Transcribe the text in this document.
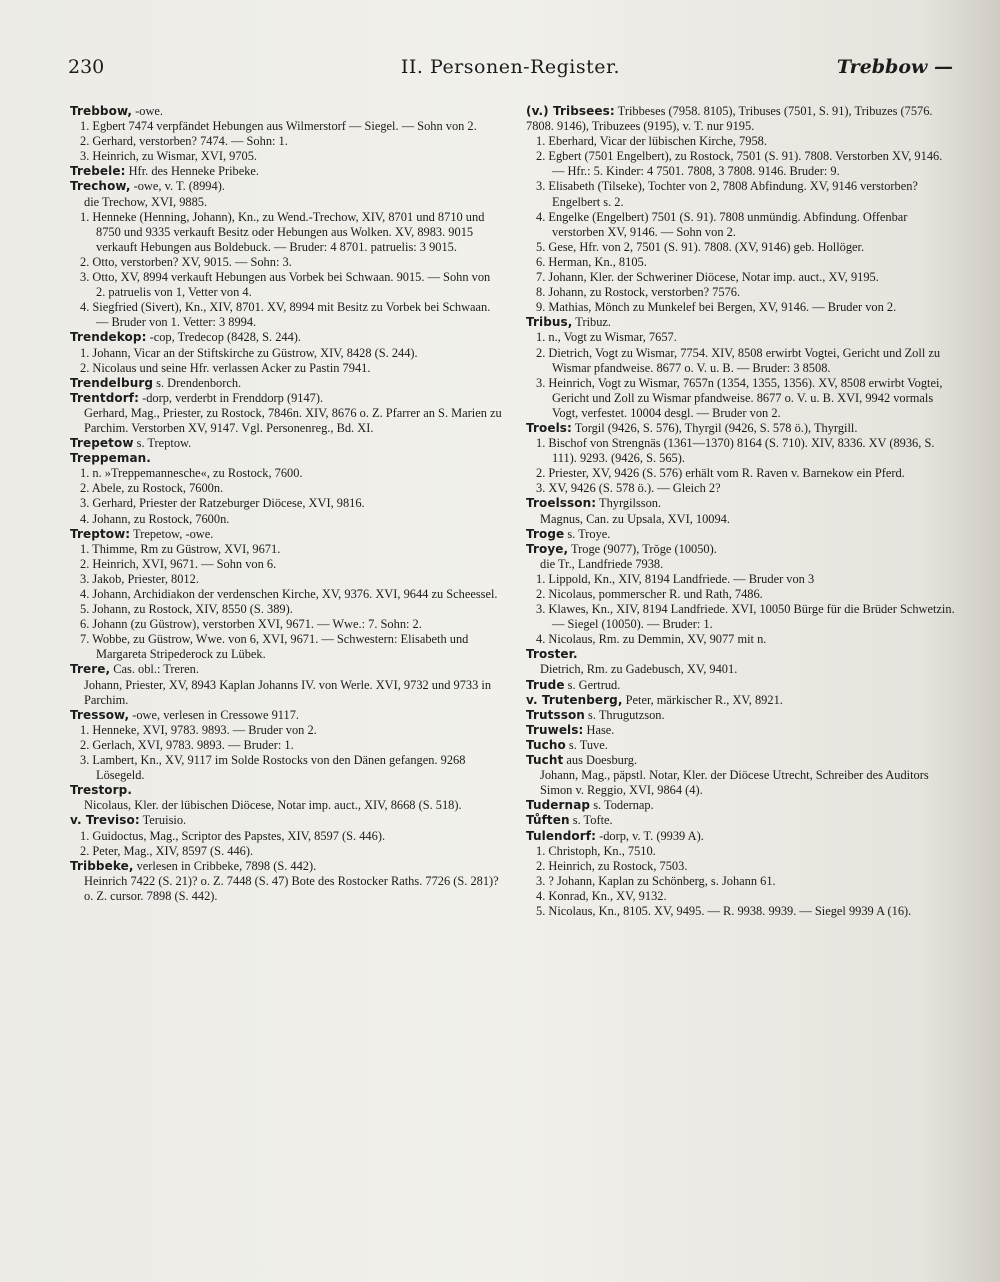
230	II. Personen-Register.	Trebbow —
Trebbow, -owe.
1. Egbert 7474 verpfändet Hebungen aus Wilmerstorf — Siegel. — Sohn von 2.
2. Gerhard, verstorben? 7474. — Sohn: 1.
3. Heinrich, zu Wismar, XVI, 9705.
Trebele: Hfr. des Henneke Pribeke.
Trechow, -owe, v. T. (8994).
die Trechow, XVI, 9885.
1. Henneke (Henning, Johann), Kn., zu Wend.-Trechow, XIV, 8701 und 8710 und 8750 und 9335 verkauft Besitz oder Hebungen aus Wolken. XV, 8983. 9015 verkauft Hebungen aus Boldebuck. — Bruder: 4 8701. patruelis: 3 9015.
2. Otto, verstorben? XV, 9015. — Sohn: 3.
3. Otto, XV, 8994 verkauft Hebungen aus Vorbek bei Schwaan. 9015. — Sohn von 2. patruelis von 1, Vetter von 4.
4. Siegfried (Sivert), Kn., XIV, 8701. XV, 8994 mit Besitz zu Vorbek bei Schwaan. — Bruder von 1. Vetter: 3 8994.
Trendekop: -cop, Tredecop (8428, S. 244).
1. Johann, Vicar an der Stiftskirche zu Güstrow, XIV, 8428 (S. 244).
2. Nicolaus und seine Hfr. verlassen Acker zu Pastin 7941.
Trendelburg s. Drendenborch.
Trentdorf: -dorp, verderbt in Frenddorp (9147).
Gerhard, Mag., Priester, zu Rostock, 7846n. XIV, 8676 o. Z. Pfarrer an S. Marien zu Parchim. Verstorben XV, 9147. Vgl. Personenreg., Bd. XI.
Trepetow s. Treptow.
Treppeman.
1. n. »Treppemannesche«, zu Rostock, 7600.
2. Abele, zu Rostock, 7600n.
3. Gerhard, Priester der Ratzeburger Diöcese, XVI, 9816.
4. Johann, zu Rostock, 7600n.
Treptow: Trepetow, -owe.
1. Thimme, Rm zu Güstrow, XVI, 9671.
2. Heinrich, XVI, 9671. — Sohn von 6.
3. Jakob, Priester, 8012.
4. Johann, Archidiakon der verdenschen Kirche, XV, 9376. XVI, 9644 zu Scheessel.
5. Johann, zu Rostock, XIV, 8550 (S. 389).
6. Johann (zu Güstrow), verstorben XVI, 9671. — Wwe.: 7. Sohn: 2.
7. Wobbe, zu Güstrow, Wwe. von 6, XVI, 9671. — Schwestern: Elisabeth und Margareta Stripederock zu Lübek.
Trere, Cas. obl.: Treren.
Johann, Priester, XV, 8943 Kaplan Johanns IV. von Werle. XVI, 9732 und 9733 in Parchim.
Tressow, -owe, verlesen in Cressowe 9117.
1. Henneke, XVI, 9783. 9893. — Bruder von 2.
2. Gerlach, XVI, 9783. 9893. — Bruder: 1.
3. Lambert, Kn., XV, 9117 im Solde Rostocks von den Dänen gefangen. 9268 Lösegeld.
Trestorp.
Nicolaus, Kler. der lübischen Diöcese, Notar imp. auct., XIV, 8668 (S. 518).
v. Treviso: Teruisio.
1. Guidoctus, Mag., Scriptor des Papstes, XIV, 8597 (S. 446).
2. Peter, Mag., XIV, 8597 (S. 446).
Tribbeke, verlesen in Cribbeke, 7898 (S. 442).
Heinrich 7422 (S. 21)? o. Z. 7448 (S. 47) Bote des Rostocker Raths. 7726 (S. 281)? o. Z. cursor. 7898 (S. 442).
(v.) Tribsees: Tribbeses (7958. 8105), Tribuses (7501, S. 91), Tribuzes (7576. 7808. 9146), Tribuzees (9195), v. T. nur 9195.
1. Eberhard, Vicar der lübischen Kirche, 7958.
2. Egbert (7501 Engelbert), zu Rostock, 7501 (S. 91). 7808. Verstorben XV, 9146. — Hfr.: 5. Kinder: 4 7501. 7808, 3 7808. 9146. Bruder: 9.
3. Elisabeth (Tilseke), Tochter von 2, 7808 Abfindung. XV, 9146 verstorben? Engelbert s. 2.
4. Engelke (Engelbert) 7501 (S. 91). 7808 unmündig. Abfindung. Offenbar verstorben XV, 9146. — Sohn von 2.
5. Gese, Hfr. von 2, 7501 (S. 91). 7808. (XV, 9146) geb. Hollöger.
6. Herman, Kn., 8105.
7. Johann, Kler. der Schweriner Diöcese, Notar imp. auct., XV, 9195.
8. Johann, zu Rostock, verstorben? 7576.
9. Mathias, Mönch zu Munkelef bei Bergen, XV, 9146. — Bruder von 2.
Tribus, Tribuz.
1. n., Vogt zu Wismar, 7657.
2. Dietrich, Vogt zu Wismar, 7754. XIV, 8508 erwirbt Vogtei, Gericht und Zoll zu Wismar pfandweise. 8677 o. V. u. B. — Bruder: 3 8508.
3. Heinrich, Vogt zu Wismar, 7657n (1354, 1355, 1356). XV, 8508 erwirbt Vogtei, Gericht und Zoll zu Wismar pfandweise. 8677 o. V. u. B. XVI, 9942 vormals Vogt, verfestet. 10004 desgl. — Bruder von 2.
Troels: Torgil (9426, S. 576), Thyrgil (9426, S. 578 ö.), Thyrgill.
1. Bischof von Strengnäs (1361—1370) 8164 (S. 710). XIV, 8336. XV (8936, S. 111). 9293. (9426, S. 565).
2. Priester, XV, 9426 (S. 576) erhält vom R. Raven v. Barnekow ein Pferd.
3. XV, 9426 (S. 578 ö.). — Gleich 2?
Troelsson: Thyrgilsson.
Magnus, Can. zu Upsala, XVI, 10094.
Troge s. Troye.
Troye, Troge (9077), Trǒge (10050).
die Tr., Landfriede 7938.
1. Lippold, Kn., XIV, 8194 Landfriede. — Bruder von 3
2. Nicolaus, pommerscher R. und Rath, 7486.
3. Klawes, Kn., XIV, 8194 Landfriede. XVI, 10050 Bürge für die Brüder Schwetzin. — Siegel (10050). — Bruder: 1.
4. Nicolaus, Rm. zu Demmin, XV, 9077 mit n.
Troster.
Dietrich, Rm. zu Gadebusch, XV, 9401.
Trude s. Gertrud.
v. Trutenberg, Peter, märkischer R., XV, 8921.
Trutsson s. Thrugutzson.
Truwels: Hase.
Tucho s. Tuve.
Tucht aus Doesburg.
Johann, Mag., päpstl. Notar, Kler. der Diöcese Utrecht, Schreiber des Auditors Simon v. Reggio, XVI, 9864 (4).
Tudernap s. Todernap.
Tůften s. Tofte.
Tulendorf: -dorp, v. T. (9939 A).
1. Christoph, Kn., 7510.
2. Heinrich, zu Rostock, 7503.
3. ? Johann, Kaplan zu Schönberg, s. Johann 61.
4. Konrad, Kn., XV, 9132.
5. Nicolaus, Kn., 8105. XV, 9495. — R. 9938. 9939. — Siegel 9939 A (16).
